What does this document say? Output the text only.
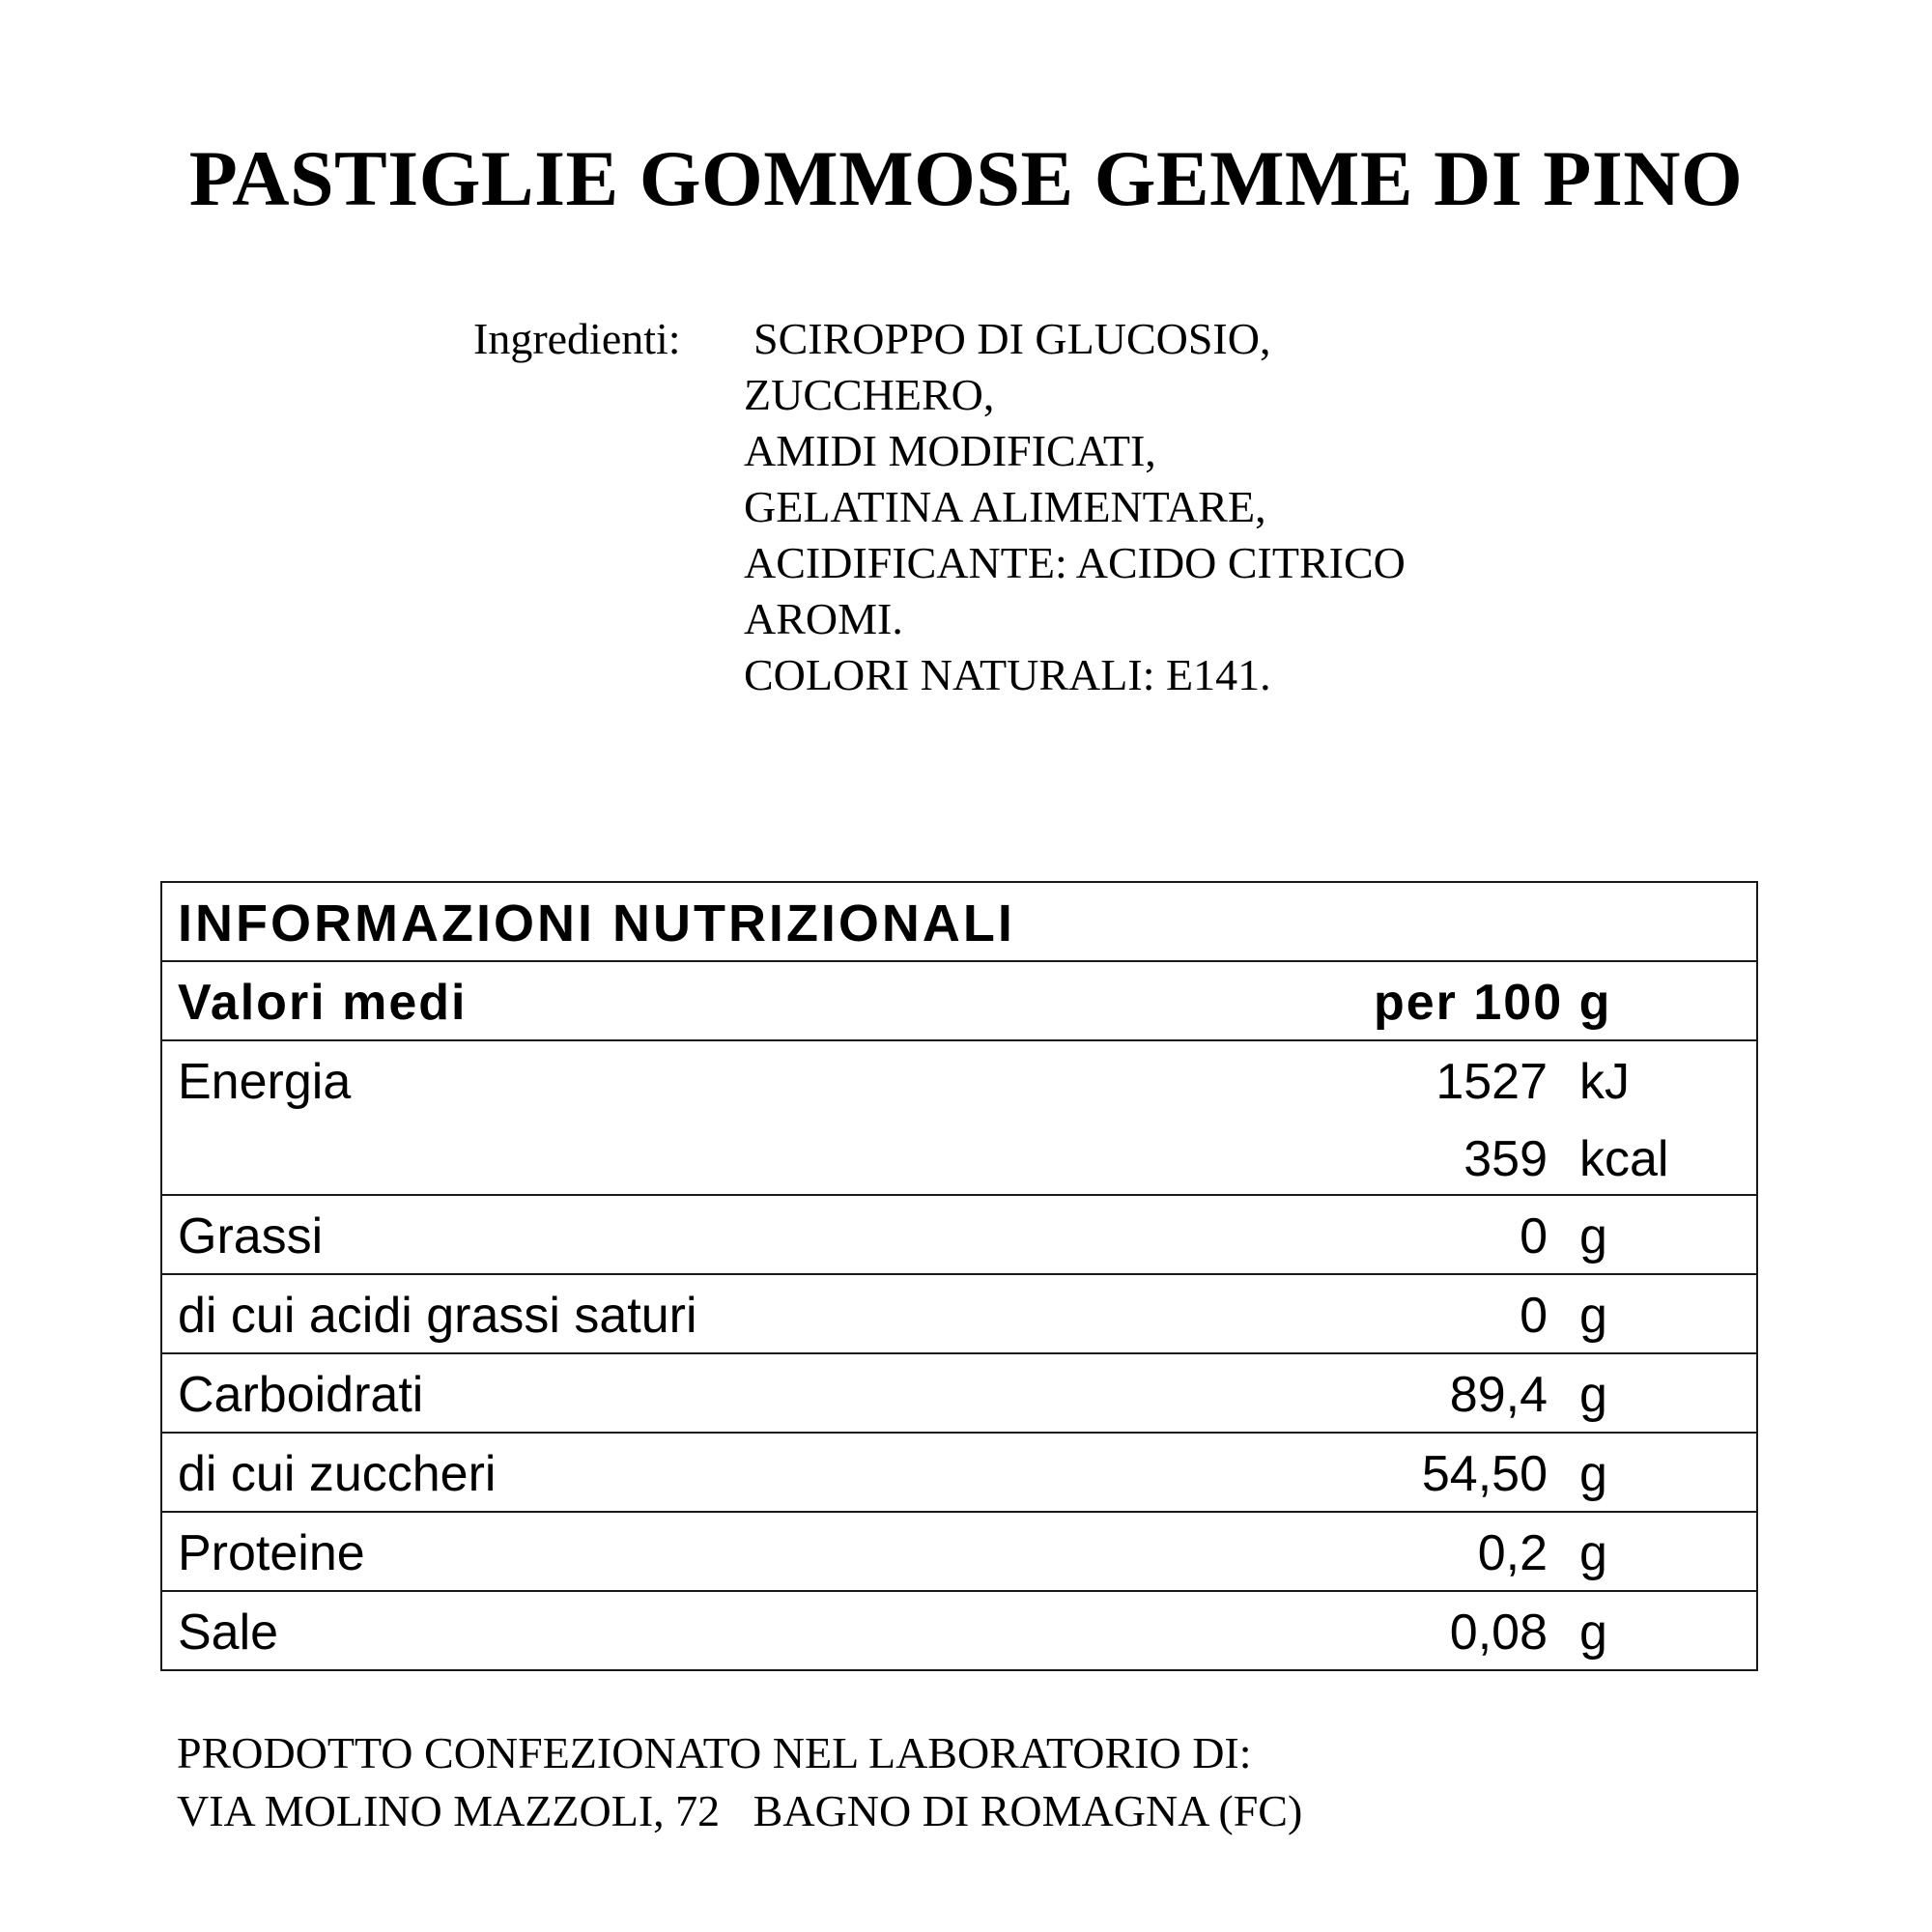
PASTIGLIE GOMMOSE GEMME DI PINO
Ingredienti: SCIROPPO DI GLUCOSIO,
ZUCCHERO,
AMIDI MODIFICATI,
GELATINA ALIMENTARE,
ACIDIFICANTE: ACIDO CITRICO
AROMI.
COLORI NATURALI: E141.
INFORMAZIONI NUTRIZIONALI
Valori medi	per 100 g
Energia	1527 kJ
359 kcal
Grassi	0 g
di cui acidi grassi saturi	0 g
Carboidrati	89,4 g
di cui zuccheri	54,50 g
Proteine	0,2 g
Sale	0,08 g
PRODOTTO CONFEZIONATO NEL LABORATORIO DI:
VIA MOLINO MAZZOLI, 72   BAGNO DI ROMAGNA (FC)
